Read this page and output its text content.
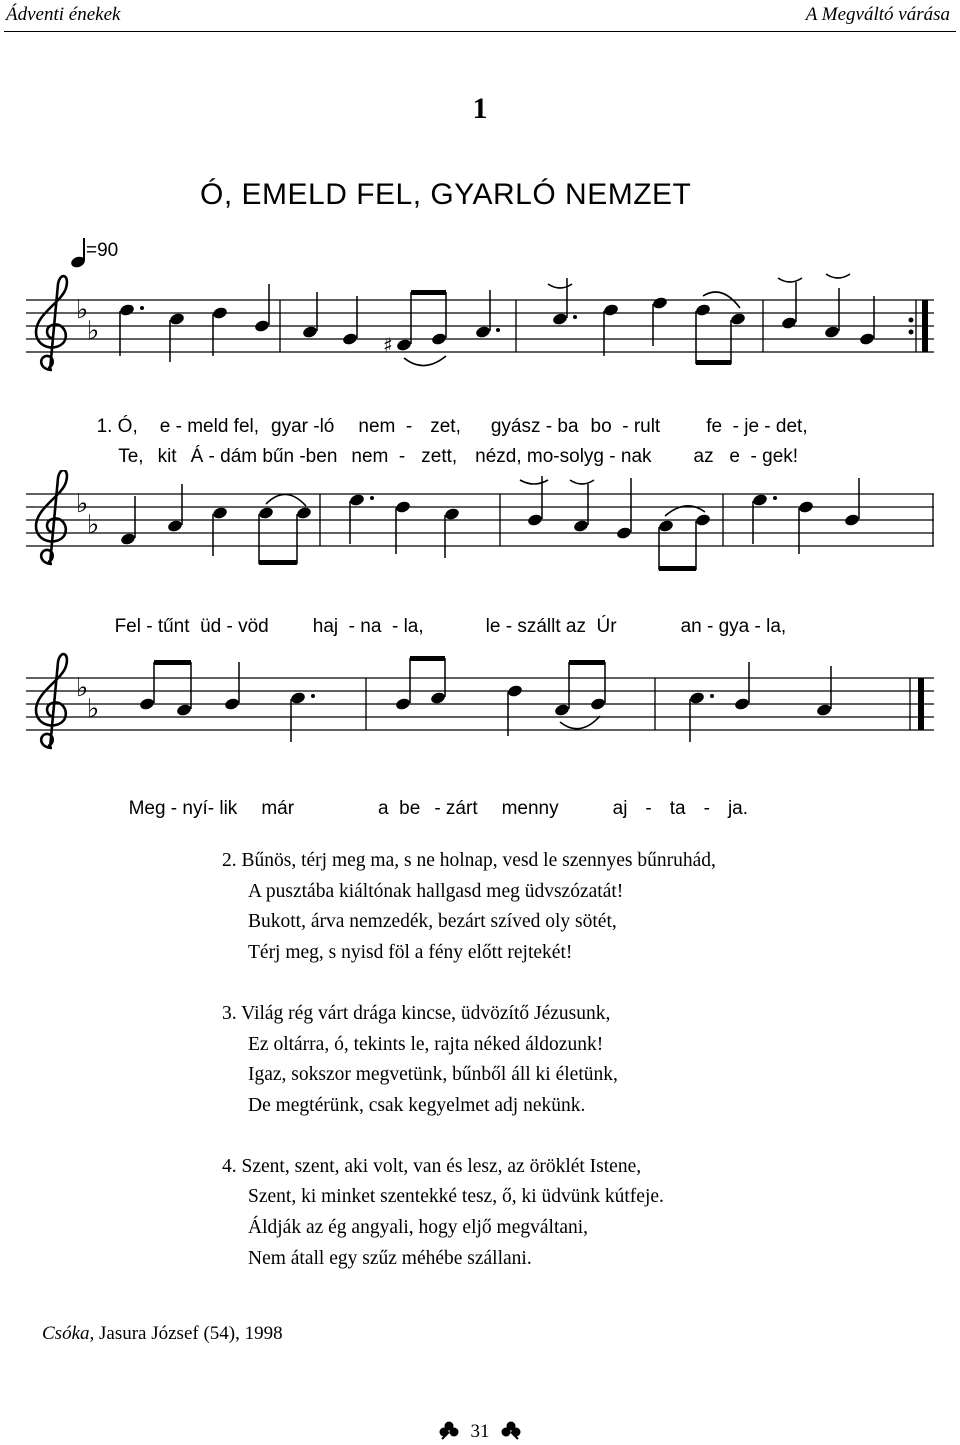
Ádventi énekek	A Megváltó várása
1
Ó, EMELD FEL, GYARLÓ NEMZET
=90
♭
♭	♯

1. Ó, e - meld fel, gyar -ló nem  - zet, gyász - ba bo  - rult fe  - je - det,

Te, kit Á - dám bűn -ben nem  - zett, nézd, mo-solyg - nak az   e  - gek!

♭
♭

Fel - tűnt  üd - vöd haj  - na  - la,	le - szállt az  Úr	an - gya - la,

♭
♭

Meg - nyí- lik már	a  be - zárt menny	aj - ta - ja.

2. Bűnös, térj meg ma, s ne holnap, vesd le szennyes bűnruhád,
A pusztába kiáltónak hallgasd meg üdvszózatát!
Bukott, árva nemzedék, bezárt szíved oly sötét,
Térj meg, s nyisd föl a fény előtt rejtekét!
3. Világ rég várt drága kincse, üdvözítő Jézusunk,
Ez oltárra, ó, tekints le, rajta néked áldozunk!
Igaz, sokszor megvetünk, bűnből áll ki életünk,
De megtérünk, csak kegyelmet adj nekünk.
4. Szent, szent, aki volt, van és lesz, az öröklét Istene,
Szent, ki minket szentekké tesz, ő, ki üdvünk kútfeje.
Áldják az ég angyali, hogy eljő megváltani,
Nem átall egy szűz méhébe szállani.
Csóka, Jasura József (54), 1998
31
